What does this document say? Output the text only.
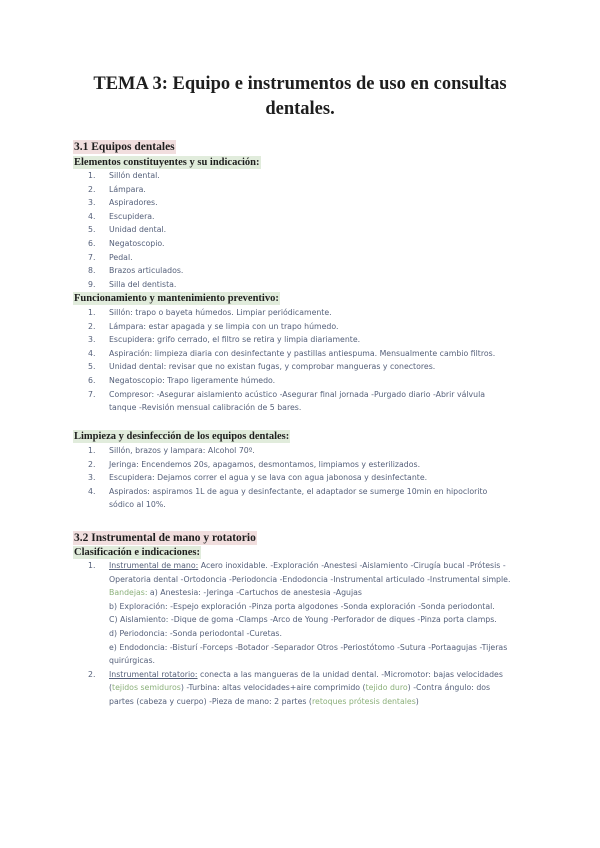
TEMA 3: Equipo e instrumentos de uso en consultas
dentales.
3.1 Equipos dentales
Elementos constituyentes y su indicación:
1. Sillón dental.
2. Lámpara.
3. Aspiradores.
4. Escupidera.
5. Unidad dental.
6. Negatoscopio.
7. Pedal.
8. Brazos articulados.
9. Silla del dentista.
Funcionamiento y mantenimiento preventivo:
1. Sillón: trapo o bayeta húmedos. Limpiar periódicamente.
2. Lámpara: estar apagada y se limpia con un trapo húmedo.
3. Escupidera: grifo cerrado, el filtro se retira y limpia diariamente.
4. Aspiración: limpieza diaria con desinfectante y pastillas antiespuma. Mensualmente cambio filtros.
5. Unidad dental: revisar que no existan fugas, y comprobar mangueras y conectores.
6. Negatoscopio: Trapo ligeramente húmedo.
7. Compresor: -Asegurar aislamiento acústico -Asegurar final jornada -Purgado diario -Abrir válvula tanque -Revisión mensual calibración de 5 bares.
Limpieza y desinfección de los equipos dentales:
1. Sillón, brazos y lampara: Alcohol 70º.
2. Jeringa: Encendemos 20s, apagamos, desmontamos, limpiamos y esterilizados.
3. Escupidera: Dejamos correr el agua y se lava con agua jabonosa y desinfectante.
4. Aspirados: aspiramos 1L de agua y desinfectante, el adaptador se sumerge 10min en hipoclorito sódico al 10%.
3.2 Instrumental de mano y rotatorio
Clasificación e indicaciones:
1. Instrumental de mano: Acero inoxidable. -Exploración -Anestesi -Aislamiento -Cirugía bucal -Prótesis -Operatoria dental -Ortodoncia -Periodoncia -Endodoncia -Instrumental articulado -Instrumental simple.
Bandejas: a) Anestesia: -Jeringa -Cartuchos de anestesia -Agujas
b) Exploración: -Espejo exploración -Pinza porta algodones -Sonda exploración -Sonda periodontal.
C) Aislamiento: -Dique de goma -Clamps -Arco de Young -Perforador de diques -Pinza porta clamps.
d) Periodoncia: -Sonda periodontal -Curetas.
e) Endodoncia: -Bisturí -Forceps -Botador -Separador Otros -Periostótomo -Sutura -Portaagujas -Tijeras quirúrgicas.
2. Instrumental rotatorio: conecta a las mangueras de la unidad dental. -Micromotor: bajas velocidades (tejidos semiduros) -Turbina: altas velocidades+aire comprimido (tejido duro) -Contra ángulo: dos partes (cabeza y cuerpo) -Pieza de mano: 2 partes (retoques prótesis dentales)
